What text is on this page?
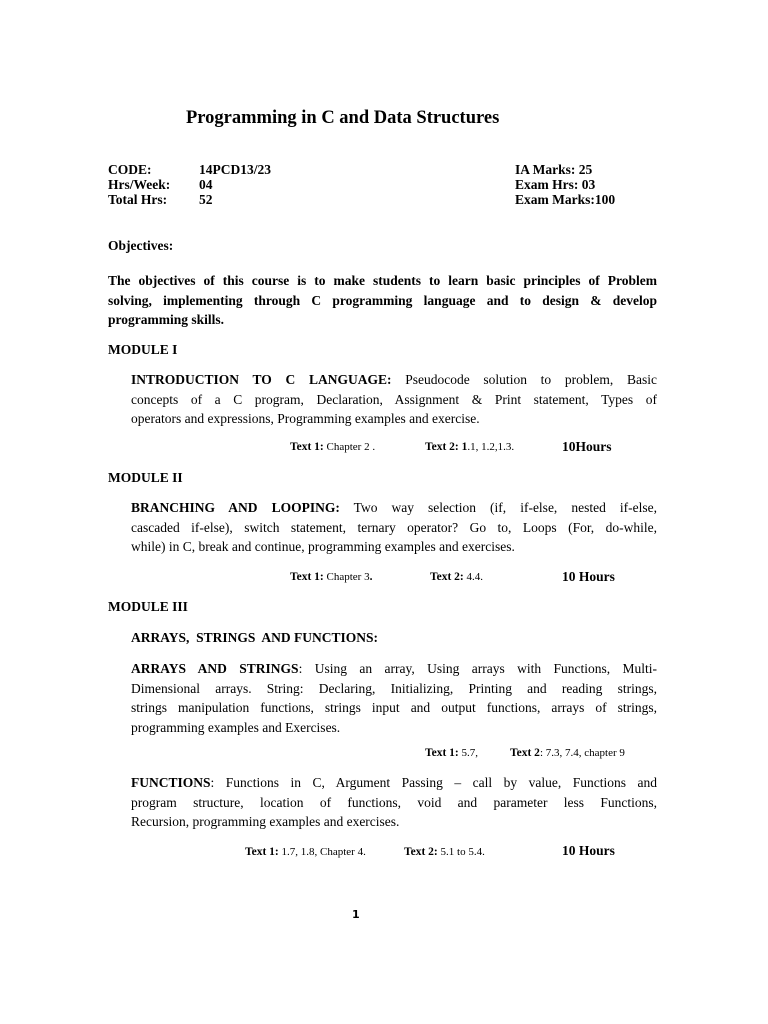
Programming in C and Data Structures
CODE:	14PCD13/23	IA Marks: 25
Hrs/Week: 04	Exam Hrs: 03
Total Hrs: 52	Exam Marks:100
Objectives:
The objectives of this course is to make students to learn basic principles of Problem
solving, implementing through C programming language and to design & develop
programming skills.
MODULE I
INTRODUCTION TO C LANGUAGE: Pseudocode solution to problem, Basic
concepts of a C program, Declaration, Assignment & Print statement, Types of
operators and expressions, Programming examples and exercise.
Text 1: Chapter 2 .	Text 2: 1.1, 1.2,1.3.	10Hours
MODULE II
BRANCHING AND LOOPING: Two way selection (if, if-else, nested if-else,
cascaded if-else), switch statement, ternary operator? Go to, Loops (For, do-while,
while) in C, break and continue, programming examples and exercises.
Text 1: Chapter 3.	Text 2: 4.4.	10 Hours
MODULE III
ARRAYS,  STRINGS  AND FUNCTIONS:
ARRAYS AND STRINGS: Using an array, Using arrays with Functions, Multi-
Dimensional arrays. String: Declaring, Initializing, Printing and reading strings,
strings manipulation functions, strings input and output functions, arrays of strings,
programming examples and Exercises.
Text 1: 5.7,	Text 2: 7.3, 7.4, chapter 9
FUNCTIONS: Functions in C, Argument Passing – call by value, Functions and
program structure, location of functions, void and parameter less Functions,
Recursion, programming examples and exercises.
Text 1: 1.7, 1.8, Chapter 4.	Text 2: 5.1 to 5.4.	10 Hours
1
